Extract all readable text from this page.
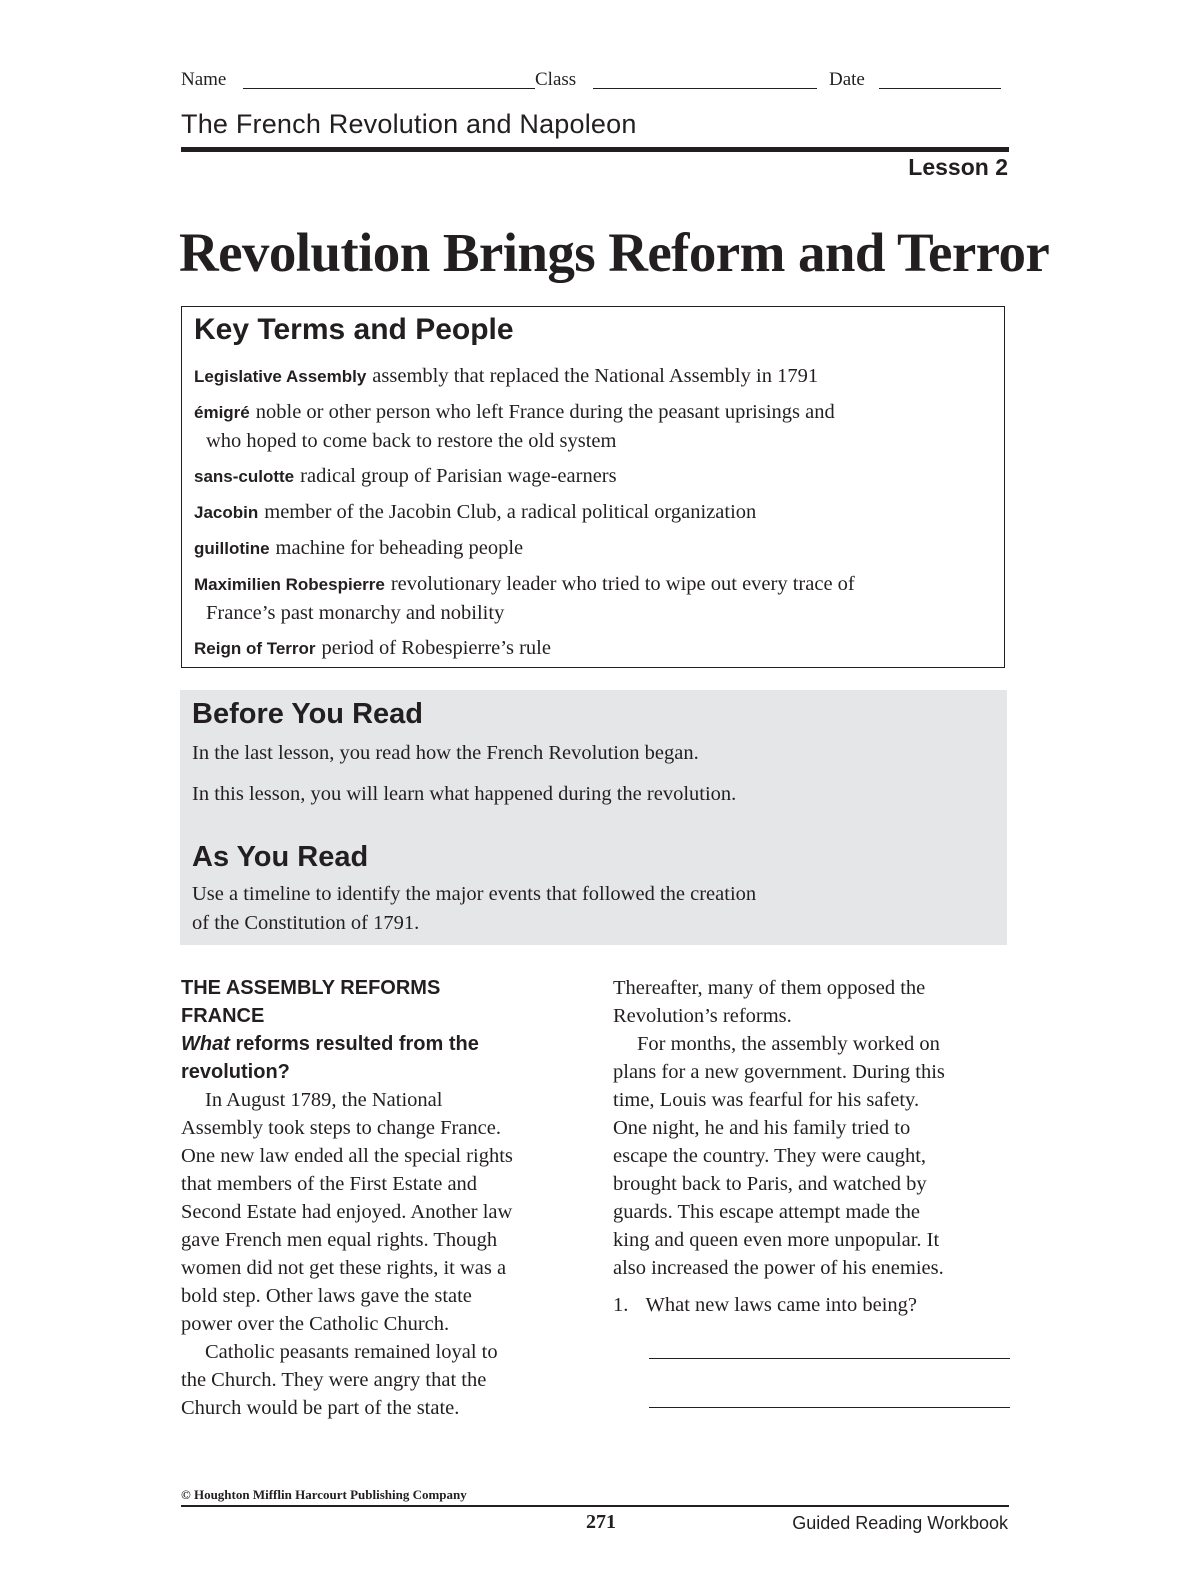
Name	Class	Date
The French Revolution and Napoleon
Lesson 2
Revolution Brings Reform and Terror
Key Terms and People
Legislative Assembly assembly that replaced the National Assembly in 1791
émigré noble or other person who left France during the peasant uprisings and
who hoped to come back to restore the old system
sans-culotte radical group of Parisian wage-earners
Jacobin member of the Jacobin Club, a radical political organization
guillotine machine for beheading people
Maximilien Robespierre revolutionary leader who tried to wipe out every trace of
France’s past monarchy and nobility
Reign of Terror period of Robespierre’s rule
Before You Read
In the last lesson, you read how the French Revolution began.
In this lesson, you will learn what happened during the revolution.
As You Read
Use a timeline to identify the major events that followed the creation
of the Constitution of 1791.
THE ASSEMBLY REFORMS
FRANCE
What reforms resulted from the
revolution?
In August 1789, the National
Assembly took steps to change France.
One new law ended all the special rights
that members of the First Estate and
Second Estate had enjoyed. Another law
gave French men equal rights. Though
women did not get these rights, it was a
bold step. Other laws gave the state
power over the Catholic Church.
Catholic peasants remained loyal to
the Church. They were angry that the
Church would be part of the state.
Thereafter, many of them opposed the
Revolution’s reforms.
For months, the assembly worked on
plans for a new government. During this
time, Louis was fearful for his safety.
One night, he and his family tried to
escape the country. They were caught,
brought back to Paris, and watched by
guards. This escape attempt made the
king and queen even more unpopular. It
also increased the power of his enemies.
1. What new laws came into being?
© Houghton Mifflin Harcourt Publishing Company
271	Guided Reading Workbook
